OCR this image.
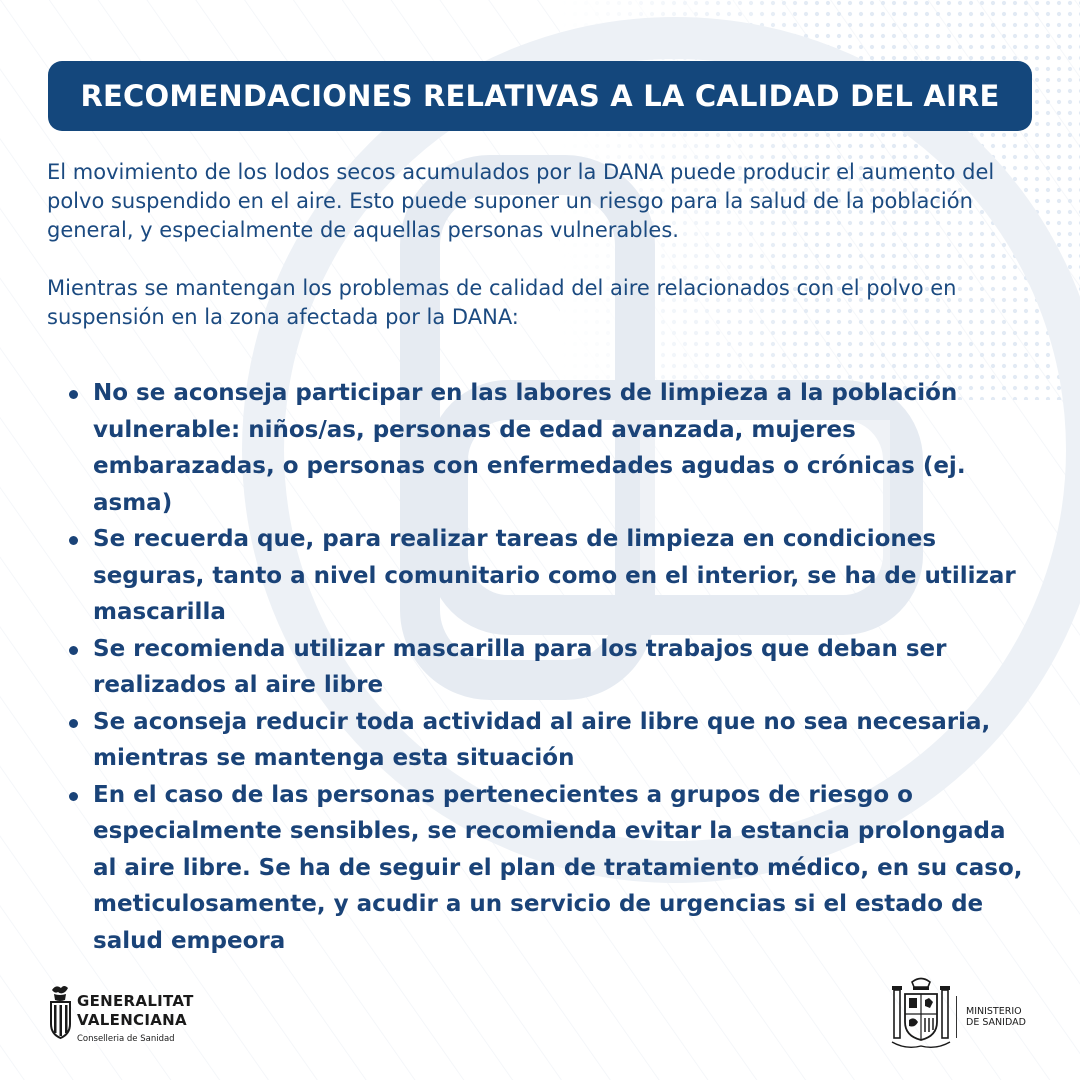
RECOMENDACIONES RELATIVAS A LA CALIDAD DEL AIRE

El movimiento de los lodos secos acumulados por la DANA puede producir el aumento del polvo suspendido en el aire. Esto puede suponer un riesgo para la salud de la población general, y especialmente de aquellas personas vulnerables.

Mientras se mantengan los problemas de calidad del aire relacionados con el polvo en suspensión en la zona afectada por la DANA:

No se aconseja participar en las labores de limpieza a la población vulnerable: niños/as, personas de edad avanzada, mujeres embarazadas, o personas con enfermedades agudas o crónicas (ej. asma)
Se recuerda que, para realizar tareas de limpieza en condiciones seguras, tanto a nivel comunitario como en el interior, se ha de utilizar mascarilla
Se recomienda utilizar mascarilla para los trabajos que deban ser realizados al aire libre
Se aconseja reducir toda actividad al aire libre que no sea necesaria, mientras se mantenga esta situación
En el caso de las personas pertenecientes a grupos de riesgo o especialmente sensibles, se recomienda evitar la estancia prolongada al aire libre. Se ha de seguir el plan de tratamiento médico, en su caso, meticulosamente, y acudir a un servicio de urgencias si el estado de salud empeora
GENERALITAT
VALENCIANA
Conselleria de Sanidad
MINISTERIO
DE SANIDAD
